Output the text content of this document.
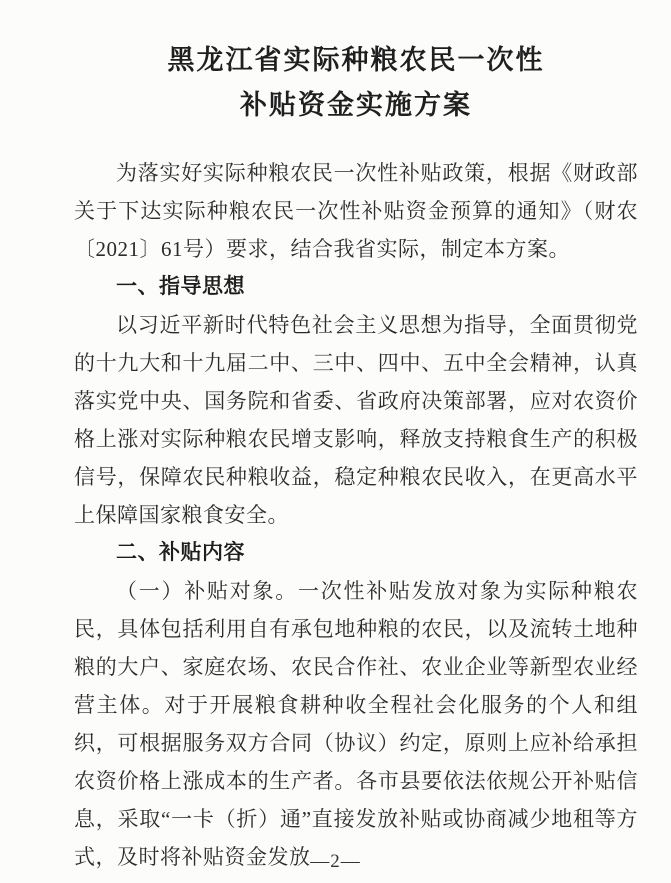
黑龙江省实际种粮农民一次性
补贴资金实施方案

为落实好实际种粮农民一次性补贴政策，根据《财政部关于下达实际种粮农民一次性补贴资金预算的通知》（财农〔2021〕61号）要求，结合我省实际，制定本方案。

一、指导思想

以习近平新时代特色社会主义思想为指导，全面贯彻党的十九大和十九届二中、三中、四中、五中全会精神，认真落实党中央、国务院和省委、省政府决策部署，应对农资价格上涨对实际种粮农民增支影响，释放支持粮食生产的积极信号，保障农民种粮收益，稳定种粮农民收入，在更高水平上保障国家粮食安全。

二、补贴内容

（一）补贴对象。一次性补贴发放对象为实际种粮农民，具体包括利用自有承包地种粮的农民，以及流转土地种粮的大户、家庭农场、农民合作社、农业企业等新型农业经营主体。对于开展粮食耕种收全程社会化服务的个人和组织，可根据服务双方合同（协议）约定，原则上应补给承担农资价格上涨成本的生产者。各市县要依法依规公开补贴信息，采取“一卡（折）通”直接发放补贴或协商减少地租等方式，及时将补贴资金发放 —2—
